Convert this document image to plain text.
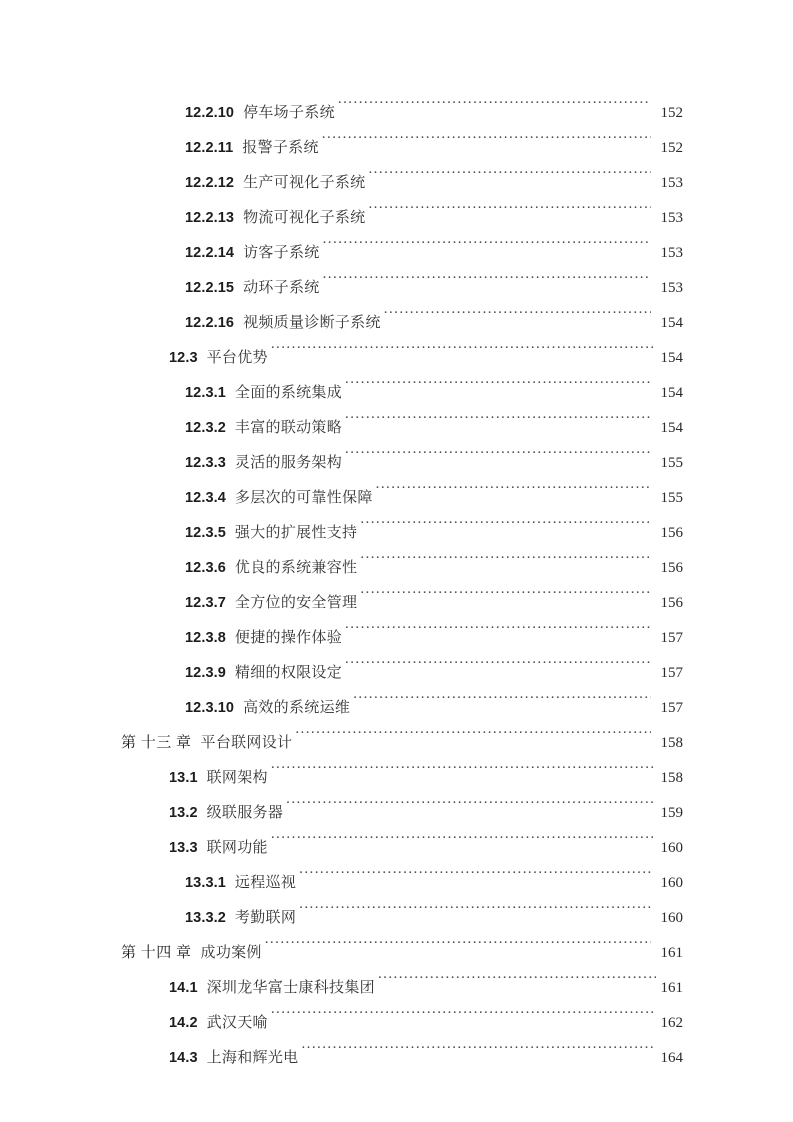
12.2.10 停车场子系统 .....	152
12.2.11 报警子系统 .....	152
12.2.12 生产可视化子系统 .....	153
12.2.13 物流可视化子系统 .....	153
12.2.14 访客子系统 .....	153
12.2.15 动环子系统 .....	153
12.2.16 视频质量诊断子系统 .....	154
12.3 平台优势 .....	154
12.3.1 全面的系统集成 .....	154
12.3.2 丰富的联动策略 .....	154
12.3.3 灵活的服务架构 .....	155
12.3.4 多层次的可靠性保障 .....	155
12.3.5 强大的扩展性支持 .....	156
12.3.6 优良的系统兼容性 .....	156
12.3.7 全方位的安全管理 .....	156
12.3.8 便捷的操作体验 .....	157
12.3.9 精细的权限设定 .....	157
12.3.10 高效的系统运维 .....	157
第 十三 章 平台联网设计 .....	158
13.1 联网架构 .....	158
13.2 级联服务器 .....	159
13.3 联网功能 .....	160
13.3.1 远程巡视 .....	160
13.3.2 考勤联网 .....	160
第 十四 章 成功案例 .....	161
14.1 深圳龙华富士康科技集团 .....	161
14.2 武汉天喻 .....	162
14.3 上海和辉光电 .....	164
